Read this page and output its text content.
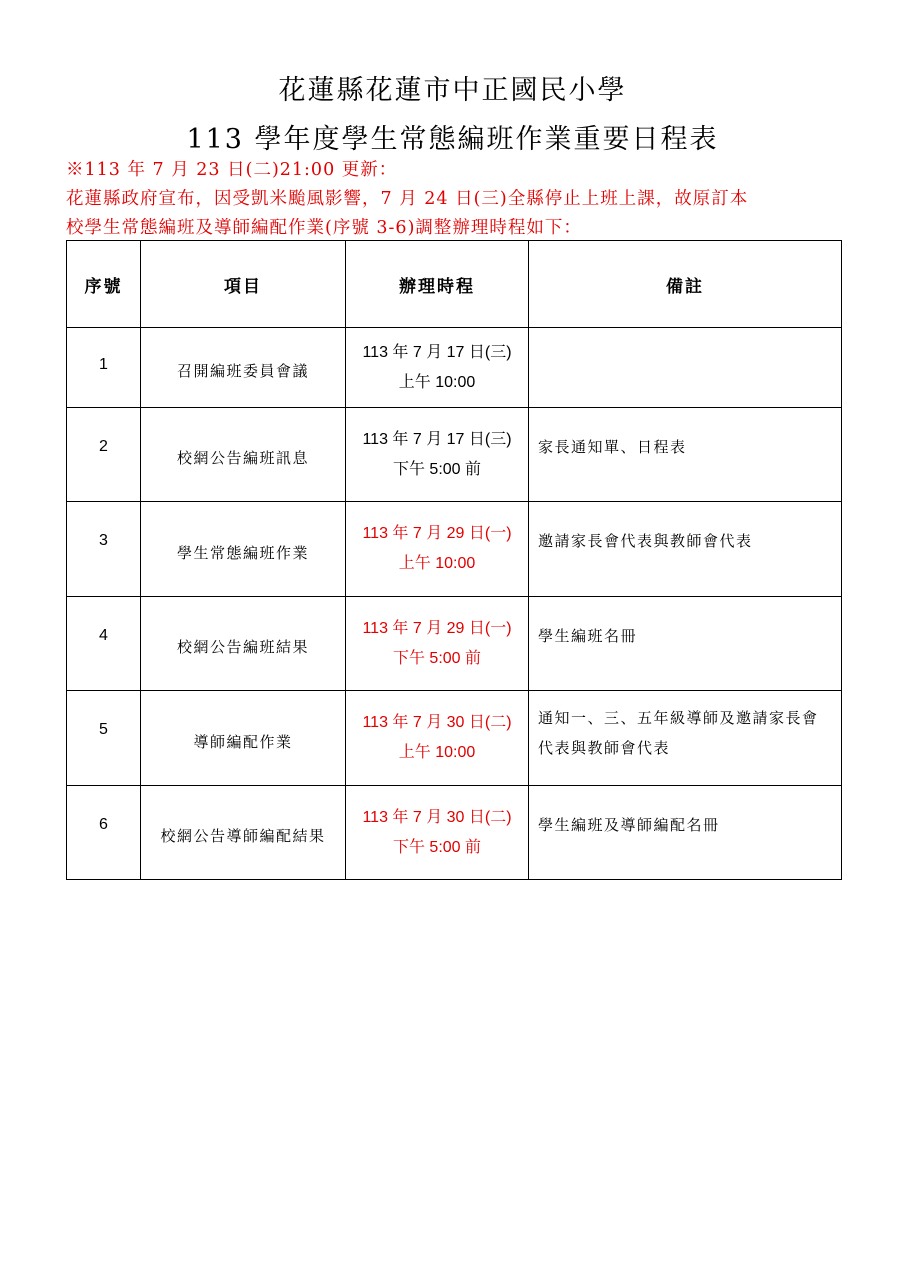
花蓮縣花蓮市中正國民小學
113 學年度學生常態編班作業重要日程表
※113 年 7 月 23 日(二)21:00 更新：
花蓮縣政府宣布，因受凱米颱風影響，7 月 24 日(三)全縣停止上班上課，故原訂本
校學生常態編班及導師編配作業(序號 3-6)調整辦理時程如下：
序號	項目	辦理時程	備註
1	召開編班委員會議	113 年 7 月 17 日(三)
上午 10:00	

2	校網公告編班訊息	113 年 7 月 17 日(三)
下午 5:00 前	家長通知單、日程表
3	學生常態編班作業	113 年 7 月 29 日(一)
上午 10:00	邀請家長會代表與教師會代表
4	校網公告編班結果	113 年 7 月 29 日(一)
下午 5:00 前	學生編班名冊
5	導師編配作業	113 年 7 月 30 日(二)
上午 10:00	通知一、三、五年級導師及邀請家長會代表與教師會代表
6	校網公告導師編配結果	113 年 7 月 30 日(二)
下午 5:00 前	學生編班及導師編配名冊
